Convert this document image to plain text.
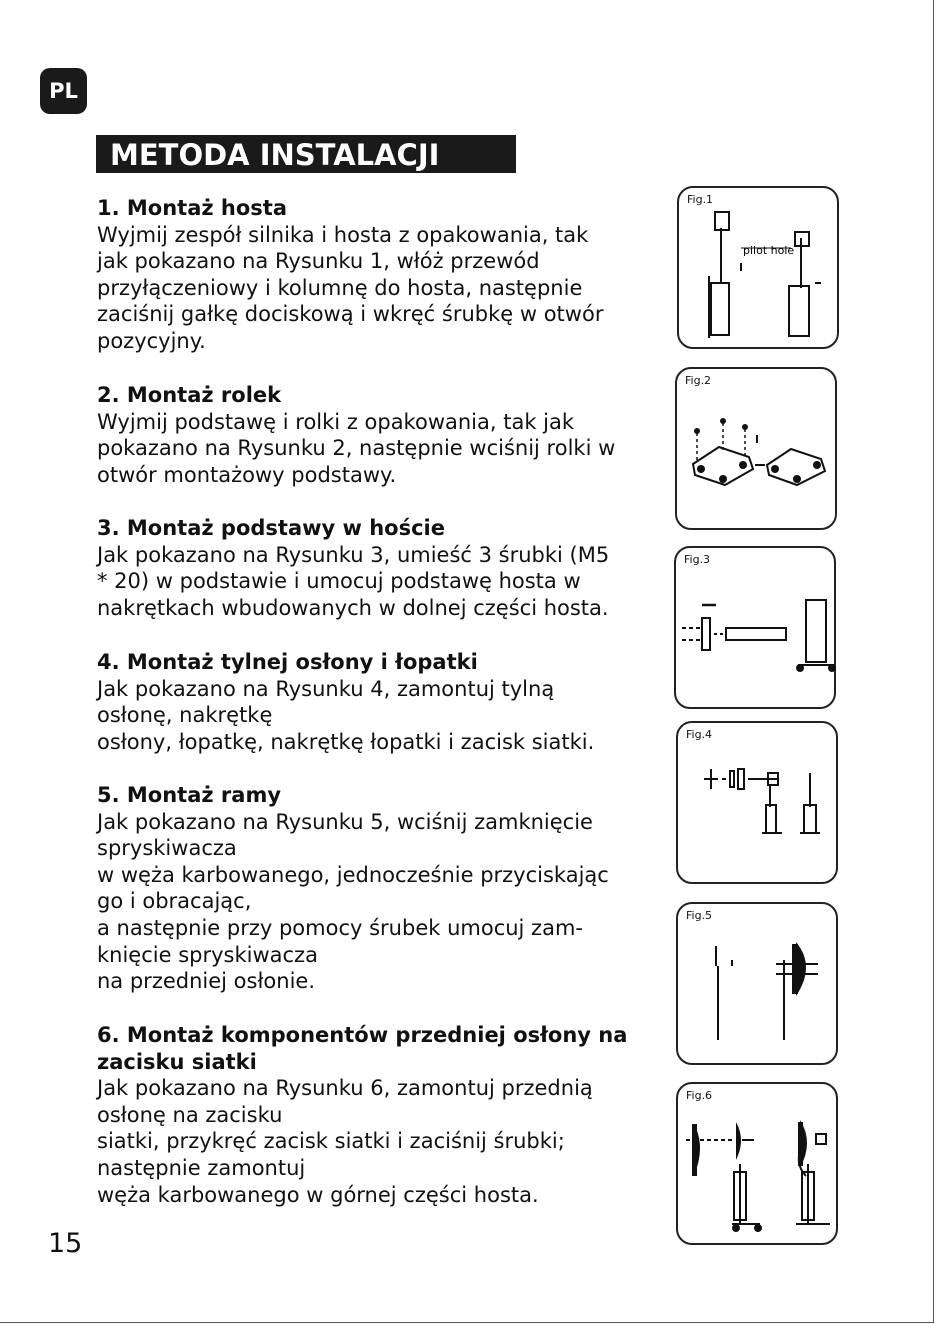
PL
METODA INSTALACJI
1. Montaż hosta
Wyjmij zespół silnika i hosta z opakowania, tak
jak pokazano na Rysunku 1, włóż przewód
przyłączeniowy i kolumnę do hosta, następnie
zaciśnij gałkę dociskową i wkręć śrubkę w otwór
pozycyjny.
2. Montaż rolek
Wyjmij podstawę i rolki z opakowania, tak jak
pokazano na Rysunku 2, następnie wciśnij rolki w
otwór montażowy podstawy.
3. Montaż podstawy w hoście
Jak pokazano na Rysunku 3, umieść 3 śrubki (M5
* 20) w podstawie i umocuj podstawę hosta w
nakrętkach wbudowanych w dolnej części hosta.
4. Montaż tylnej osłony i łopatki
Jak pokazano na Rysunku 4, zamontuj tylną
osłonę, nakrętkę
osłony, łopatkę, nakrętkę łopatki i zacisk siatki.
5. Montaż ramy
Jak pokazano na Rysunku 5, wciśnij zamknięcie
spryskiwacza
w węża karbowanego, jednocześnie przyciskając
go i obracając,
a następnie przy pomocy śrubek umocuj zam-
knięcie spryskiwacza
na przedniej osłonie.
6. Montaż komponentów przedniej osłony na
zacisku siatki
Jak pokazano na Rysunku 6, zamontuj przednią
osłonę na zacisku
siatki, przykręć zacisk siatki i zaciśnij śrubki;
następnie zamontuj
węża karbowanego w górnej części hosta.
15
Fig.1
pilot hole
Fig.2
Fig.3
Fig.4
Fig.5
Fig.6
